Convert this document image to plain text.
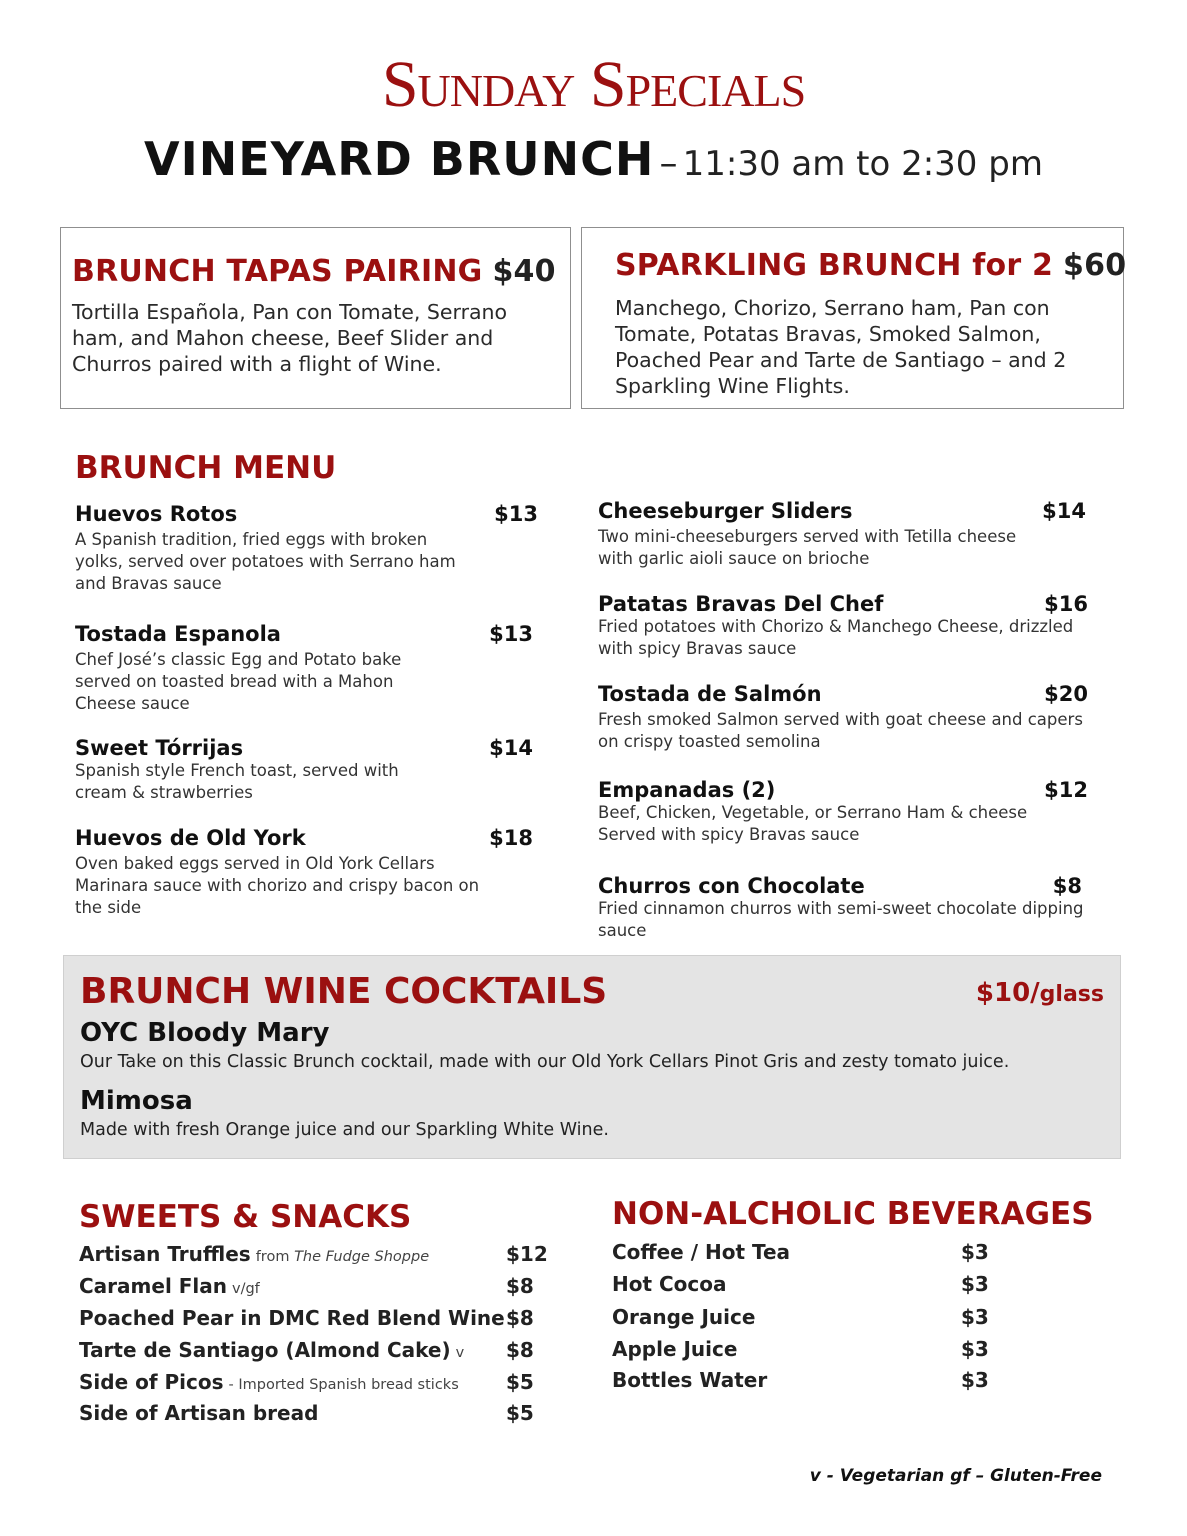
Sunday Specials
VINEYARD BRUNCH – 11:30 am to 2:30 pm
BRUNCH TAPAS PAIRING $40

Tortilla Española, Pan con Tomate, Serrano ham, and Mahon cheese, Beef Slider and Churros paired with a flight of Wine.

SPARKLING BRUNCH for 2 $60

Manchego, Chorizo, Serrano ham, Pan con Tomate, Potatas Bravas, Smoked Salmon, Poached Pear and Tarte de Santiago – and 2 Sparkling Wine Flights.

BRUNCH MENU
Huevos Rotos	$13
A Spanish tradition, fried eggs with broken yolks, served over potatoes with Serrano ham and Bravas sauce
Tostada Espanola	$13
Chef José’s classic Egg and Potato bake served on toasted bread with a Mahon Cheese sauce
Sweet Tórrijas	$14
Spanish style French toast, served with cream & strawberries
Huevos de Old York	$18
Oven baked eggs served in Old York Cellars Marinara sauce with chorizo and crispy bacon on the side
Cheeseburger Sliders	$14
Two mini-cheeseburgers served with Tetilla cheese with garlic aioli sauce on brioche
Patatas Bravas Del Chef	$16
Fried potatoes with Chorizo & Manchego Cheese, drizzled with spicy Bravas sauce
Tostada de Salmón	$20
Fresh smoked Salmon served with goat cheese and capers on crispy toasted semolina
Empanadas (2)	$12
Beef, Chicken, Vegetable, or Serrano Ham & cheese Served with spicy Bravas sauce
Churros con Chocolate	$8
Fried cinnamon churros with semi-sweet chocolate dipping sauce
BRUNCH WINE COCKTAILS	$10/glass
OYC Bloody Mary
Our Take on this Classic Brunch cocktail, made with our Old York Cellars Pinot Gris and zesty tomato juice.
Mimosa
Made with fresh Orange juice and our Sparkling White Wine.
SWEETS & SNACKS
Artisan Truffles from The Fudge Shoppe	$12
Caramel Flan v/gf	$8
Poached Pear in DMC Red Blend Wine $8
Tarte de Santiago (Almond Cake) v $8
Side of Picos - Imported Spanish bread sticks $5
Side of Artisan bread	$5
NON-ALCHOLIC BEVERAGES
Coffee / Hot Tea	$3
Hot Cocoa	$3
Orange Juice	$3
Apple Juice	$3
Bottles Water	$3
v - Vegetarian gf – Gluten-Free
